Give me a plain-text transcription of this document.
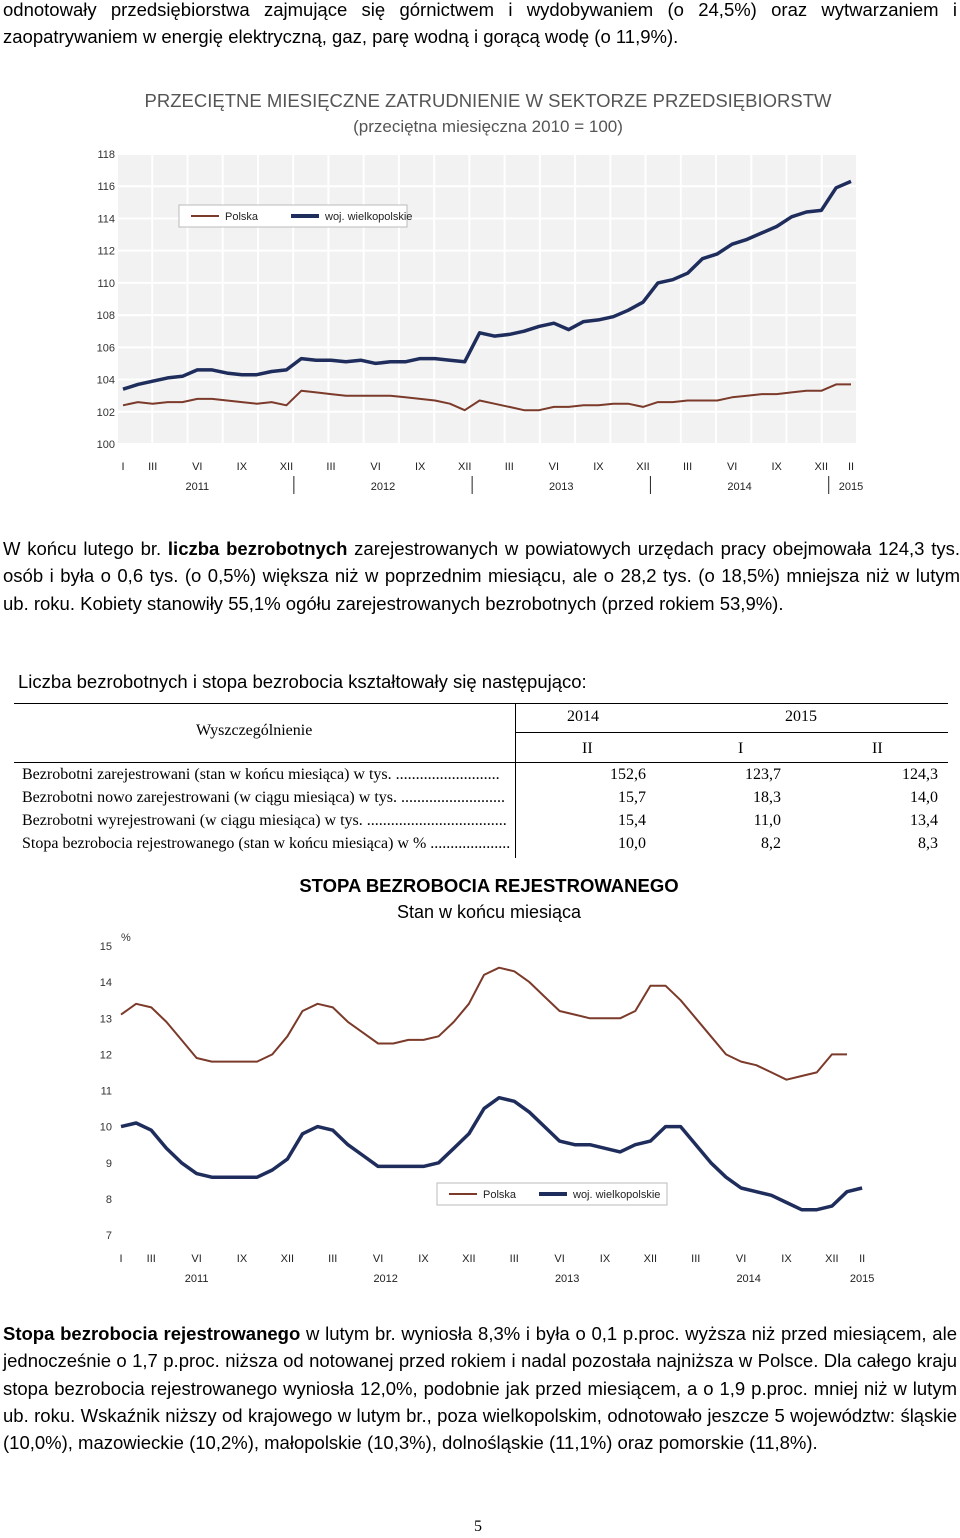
odnotowały przedsiębiorstwa zajmujące się górnictwem i wydobywaniem (o 24,5%) oraz wytwarzaniem i zaopatrywaniem w energię elektryczną, gaz, parę wodną i gorącą wodę (o 11,9%).
PRZECIĘTNE MIESIĘCZNE ZATRUDNIENIE W SEKTORZE PRZEDSIĘBIORSTW
(przeciętna miesięczna 2010 = 100)
100
102
104
106
108
110
112
114
116
118
I III	VI	IX	XII	III	VI	IX	XII	III	VI	IX	XII	III	VI	IX	XII II
2011	2012	2013	2014	2015
Polska	woj. wielkopolskie
W końcu lutego br. liczba bezrobotnych zarejestrowanych w powiatowych urzędach pracy obejmowała 124,3 tys. osób i była o 0,6 tys. (o 0,5%) większa niż w poprzednim miesiącu, ale o 28,2 tys. (o 18,5%) mniejsza niż w lutym ub. roku. Kobiety stanowiły 55,1% ogółu zarejestrowanych bezrobotnych (przed rokiem 53,9%).
Liczba bezrobotnych i stopa bezrobocia kształtowały się następująco:
Wyszczególnienie
2014	2015
II	I	II
Bezrobotni zarejestrowani (stan w końcu miesiąca) w tys. ..........................	152,6	123,7	124,3
Bezrobotni nowo zarejestrowani (w ciągu miesiąca) w tys. ..........................	15,7	18,3	14,0
Bezrobotni wyrejestrowani (w ciągu miesiąca) w tys. ...................................	15,4	11,0	13,4
Stopa bezrobocia rejestrowanego (stan w końcu miesiąca) w % ....................	10,0	8,2	8,3
STOPA BEZROBOCIA REJESTROWANEGO
Stan w końcu miesiąca
%
7
8
9
10
11
12
13
14
15
I III	VI	IX	XII	III	VI	IX	XII	III	VI	IX	XII	III	VI	IX	XII II
2011	2012	2013	2014	2015
Polska	woj. wielkopolskie
Stopa bezrobocia rejestrowanego w lutym br. wyniosła 8,3% i była o 0,1 p.proc. wyższa niż przed miesiącem, ale jednocześnie o 1,7 p.proc. niższa od notowanej przed rokiem i nadal pozostała najniższa w Polsce. Dla całego kraju stopa bezrobocia rejestrowanego wyniosła 12,0%, podobnie jak przed miesiącem, a o 1,9 p.proc. mniej niż w lutym ub. roku. Wskaźnik niższy od krajowego w lutym br., poza wielkopolskim, odnotowało jeszcze 5 województw: śląskie (10,0%), mazowieckie (10,2%), małopolskie (10,3%), dolnośląskie (11,1%) oraz pomorskie (11,8%).
5
